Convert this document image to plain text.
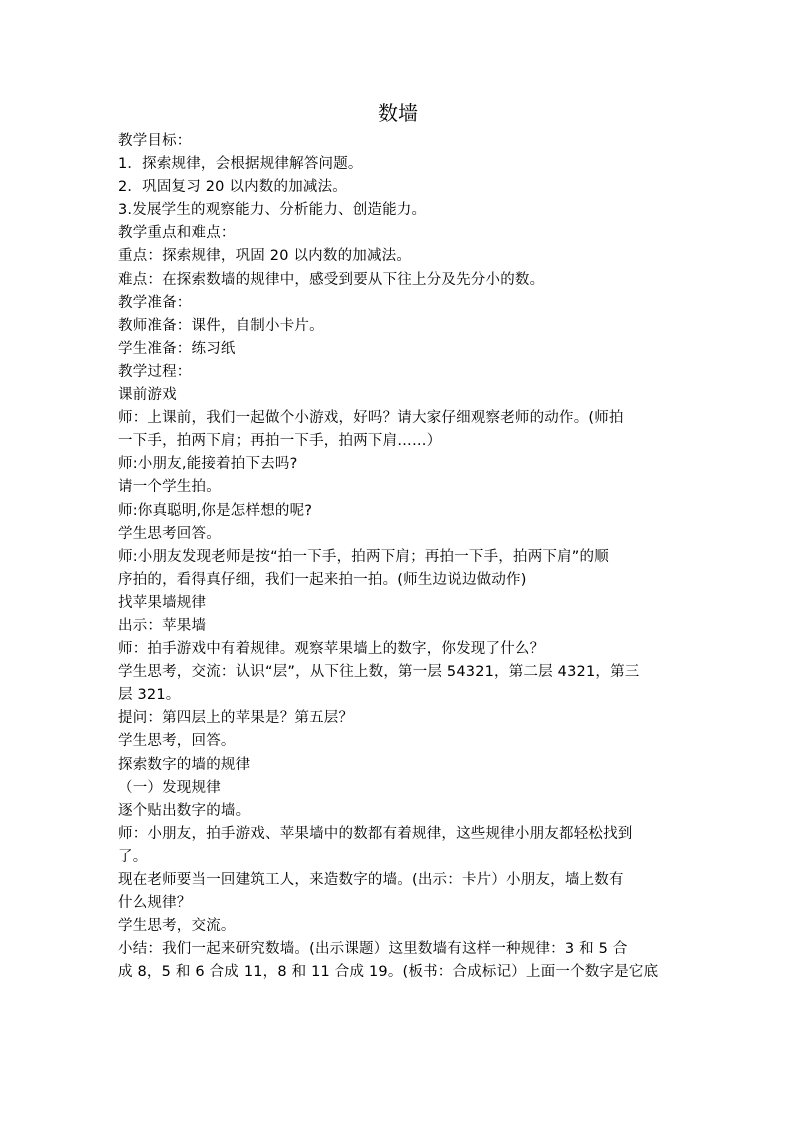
数墙
教学目标：
1．探索规律，会根据规律解答问题。
2．巩固复习 20 以内数的加减法。
3.发展学生的观察能力、分析能力、创造能力。
教学重点和难点：
重点：探索规律，巩固 20 以内数的加减法。
难点：在探索数墙的规律中，感受到要从下往上分及先分小的数。
教学准备：
教师准备：课件，自制小卡片。
学生准备：练习纸
教学过程：
课前游戏
师：上课前，我们一起做个小游戏，好吗？请大家仔细观察老师的动作。(师拍
一下手，拍两下肩；再拍一下手，拍两下肩……）
师:小朋友,能接着拍下去吗?
请一个学生拍。
师:你真聪明,你是怎样想的呢?
学生思考回答。
师:小朋友发现老师是按“拍一下手，拍两下肩；再拍一下手，拍两下肩”的顺
序拍的，看得真仔细，我们一起来拍一拍。(师生边说边做动作)
找苹果墙规律
出示：苹果墙
师：拍手游戏中有着规律。观察苹果墙上的数字，你发现了什么？
学生思考，交流：认识“层”，从下往上数，第一层 54321，第二层 4321，第三
层 321。
提问：第四层上的苹果是？第五层？
学生思考，回答。
探索数字的墙的规律
（一）发现规律
逐个贴出数字的墙。
师：小朋友，拍手游戏、苹果墙中的数都有着规律，这些规律小朋友都轻松找到
了。
现在老师要当一回建筑工人，来造数字的墙。(出示：卡片）小朋友，墙上数有
什么规律？
学生思考，交流。
小结：我们一起来研究数墙。(出示课题）这里数墙有这样一种规律：3 和 5 合
成 8，5 和 6 合成 11，8 和 11 合成 19。(板书：合成标记）上面一个数字是它底
